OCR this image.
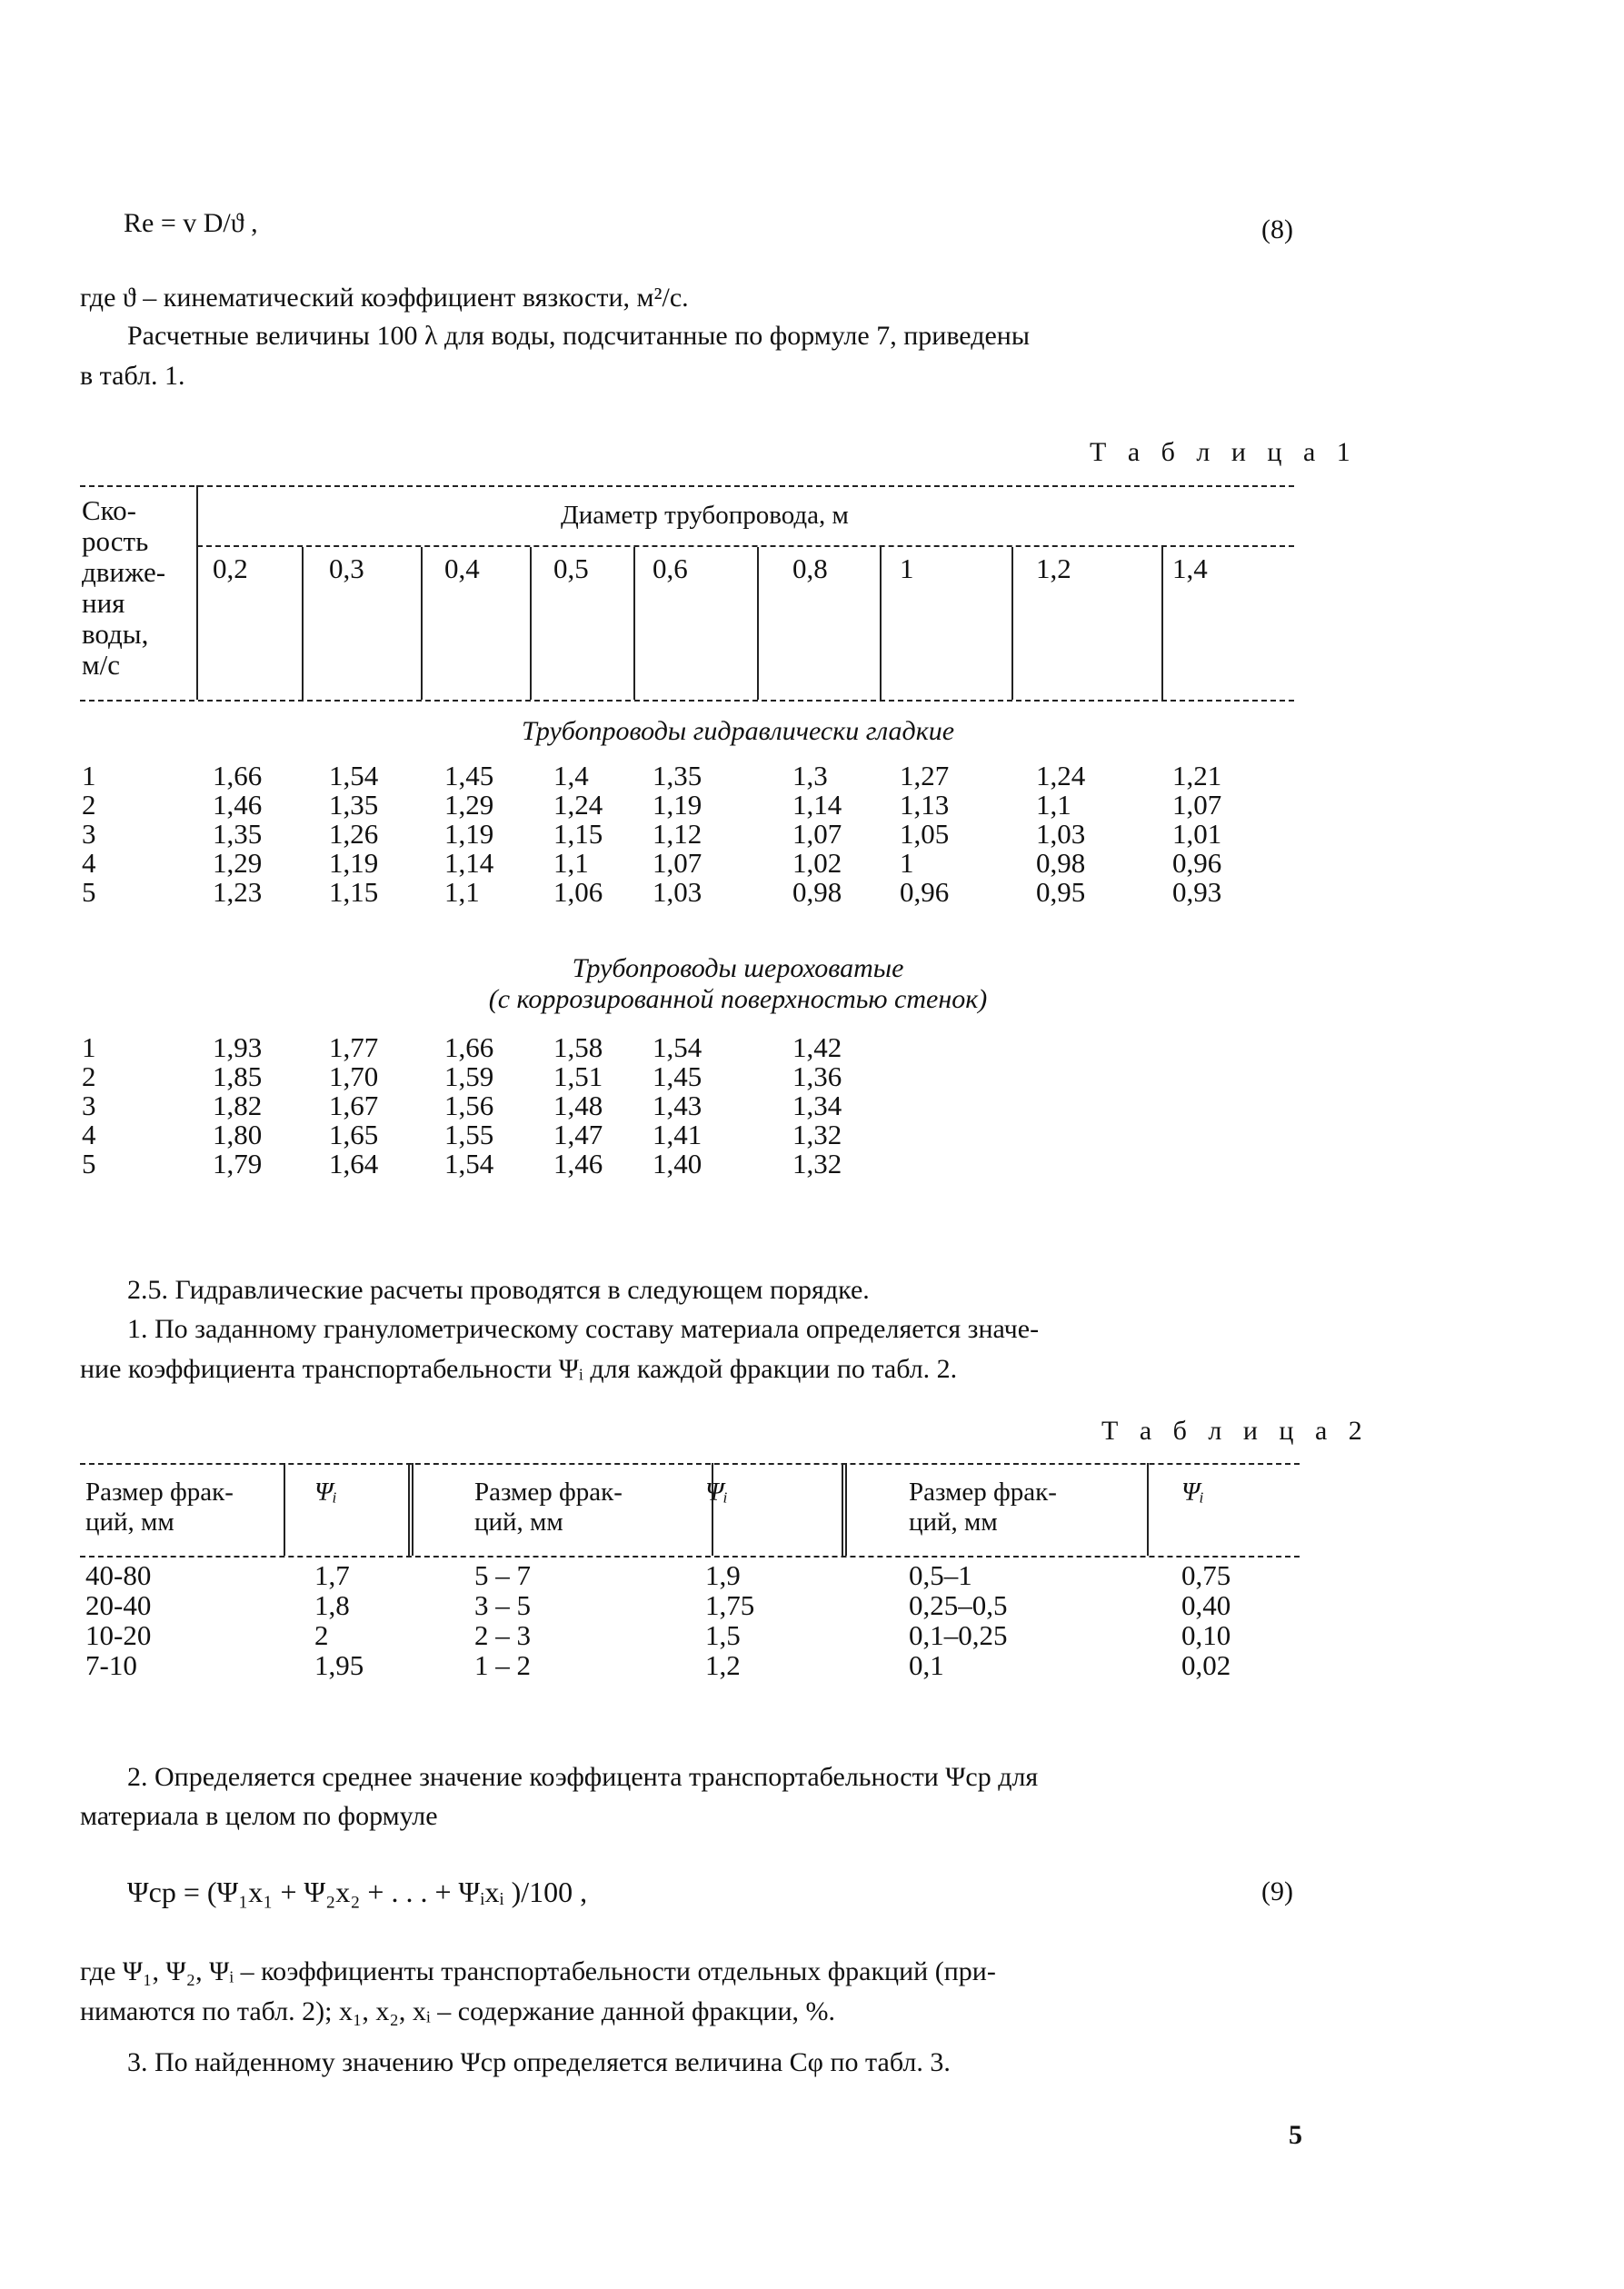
Re = v D/ϑ ,	(8)
где ϑ – кинематический коэффициент вязкости, м²/с.
Расчетные величины 100 λ для воды, подсчитанные по формуле 7, приведены
в табл. 1.
Т а б л и ц а 1
Ско-
рость
движе-
ния
воды,
м/с
Диаметр трубопровода, м
0,2	0,3	0,4	0,5 0,6	0,8	1	1,2	1,4
Трубопроводы гидравлически гладкие
1	1,66 1,54 1,45 1,4 1,35	1,3	1,27	1,24	1,21
2	1,46 1,35 1,29 1,24 1,19	1,14 1,13	1,1	1,07
3	1,35 1,26 1,19 1,15 1,12	1,07 1,05	1,03	1,01
4	1,29 1,19 1,14 1,1 1,07	1,02 1	0,98	0,96
5	1,23 1,15 1,1	1,06 1,03	0,98 0,96	0,95	0,93
Трубопроводы шероховатые
(с коррозированной поверхностью стенок)
1	1,93 1,77 1,66 1,58 1,54	1,42
2	1,85 1,70 1,59 1,51 1,45	1,36
3	1,82 1,67 1,56 1,48 1,43	1,34
4	1,80 1,65 1,55 1,47 1,41	1,32
5	1,79 1,64 1,54 1,46 1,40	1,32
2.5. Гидравлические расчеты проводятся в следующем порядке.
1. По заданному гранулометрическому составу материала определяется значе-
ние коэффициента транспортабельности Ψᵢ для каждой фракции по табл. 2.
Т а б л и ц а 2
Размер фрак-
ций, мм
Ψᵢ	Размер фрак-
ций, мм
Ψᵢ	Размер фрак-
ций, мм
Ψᵢ
40-80	1,7	5 – 7	1,9	0,5–1	0,75
20-40	1,8	3 – 5	1,75	0,25–0,5	0,40
10-20	2	2 – 3	1,5	0,1–0,25	0,10
7-10	1,95	1 – 2	1,2	0,1	0,02
2. Определяется среднее значение коэффицента транспортабельности Ψср для
материала в целом по формуле
Ψср = (Ψ₁x₁ + Ψ₂x₂ + . . . + Ψᵢxᵢ )/100 ,	(9)
где Ψ₁, Ψ₂, Ψᵢ – коэффициенты транспортабельности отдельных фракций (при-
нимаются по табл. 2); x₁, x₂, xᵢ – содержание данной фракции, %.
3. По найденному значению Ψср определяется величина Cφ по табл. 3.
5
